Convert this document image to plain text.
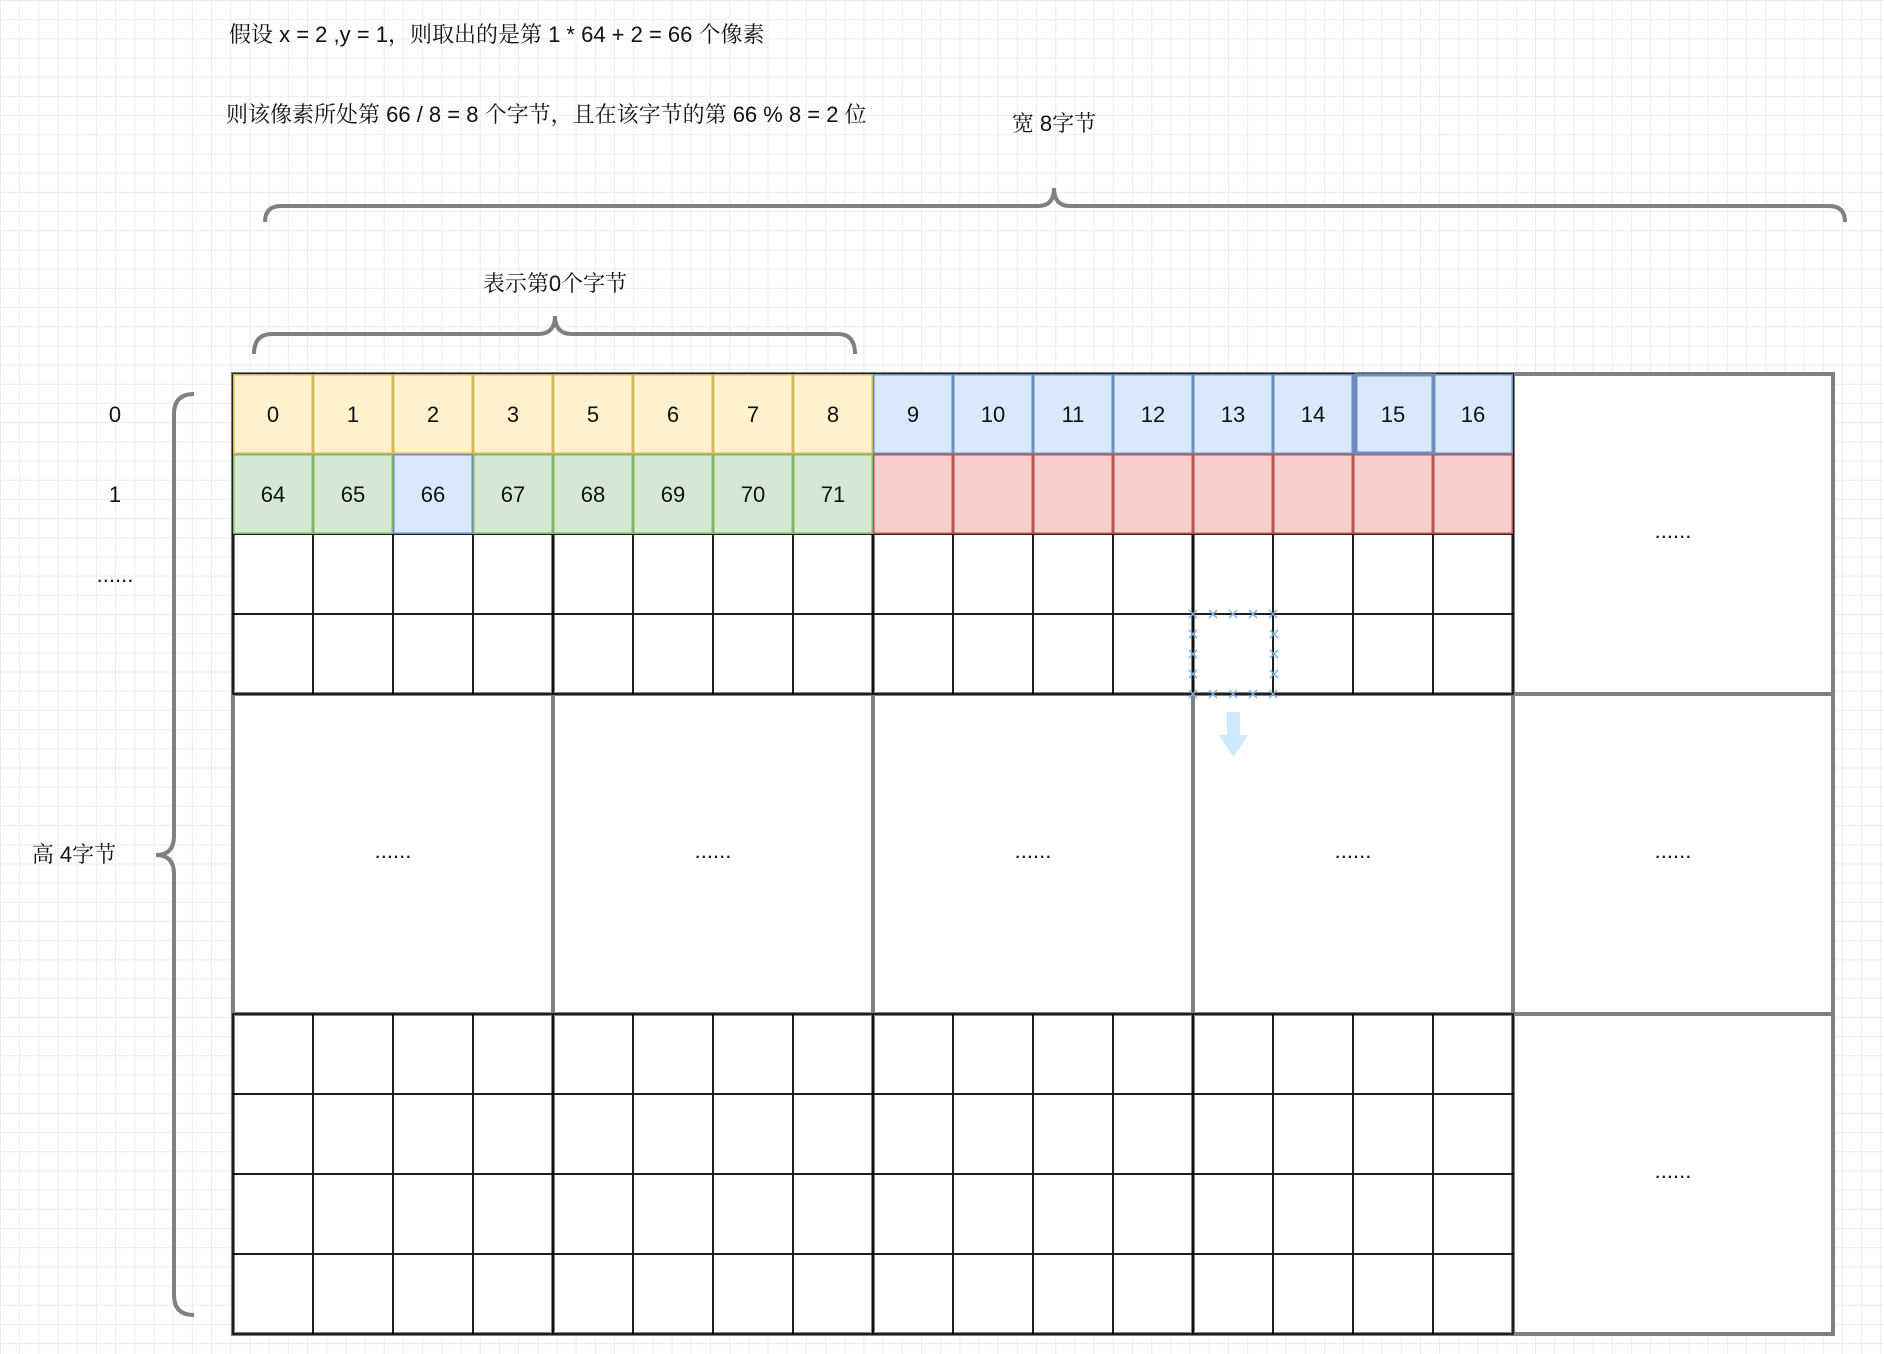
假设 x = 2 ,y = 1，则取出的是第 1 * 64 + 2 = 66 个像素
则该像素所处第 66 / 8 = 8 个字节，且在该字节的第 66 % 8 = 2 位	宽 8字节
表示第0个字节
高 4字节
0
1
......
0	1	2	3	5	6	7	8	9	10	11	12	13	14	15	16
64	65	66	67	68	69	70	71
......
......	......	......	......	......
......
